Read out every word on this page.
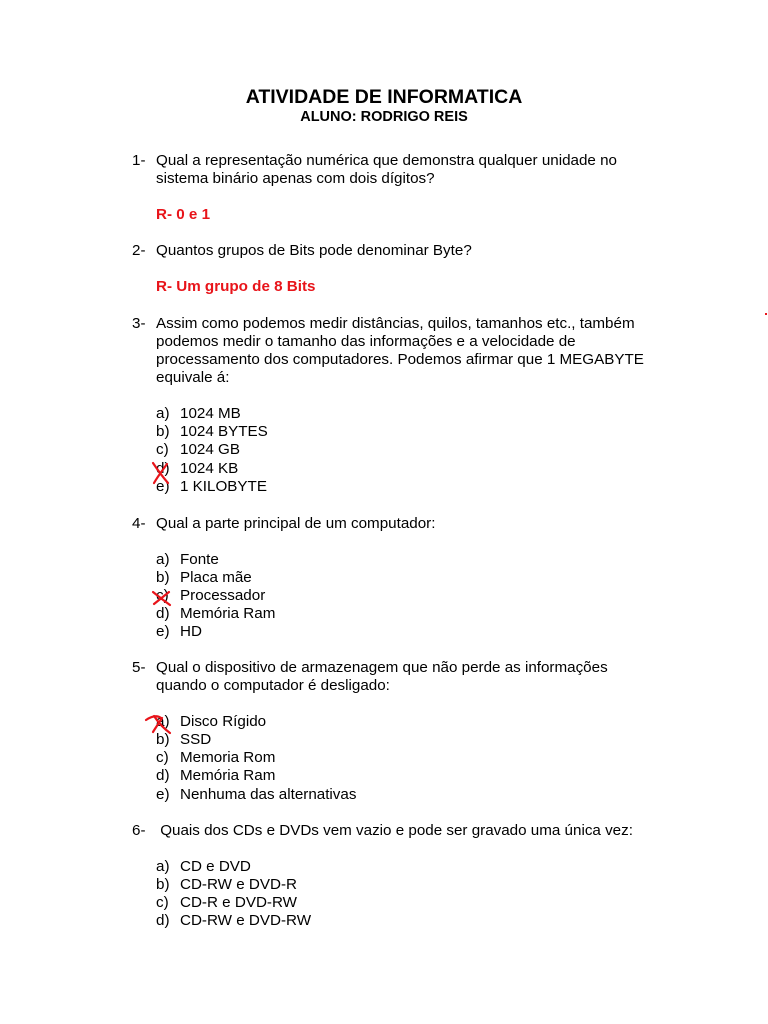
ATIVIDADE DE INFORMATICA
ALUNO: RODRIGO REIS
1- Qual a representação numérica que demonstra qualquer unidade no
sistema binário apenas com dois dígitos?
R- 0 e 1
2- Quantos grupos de Bits pode denominar Byte?
R- Um grupo de 8 Bits
3- Assim como podemos medir distâncias, quilos, tamanhos etc., também
podemos medir o tamanho das informações e a velocidade de
processamento dos computadores. Podemos afirmar que 1 MEGABYTE
equivale á:
a) 1024 MB
b) 1024 BYTES
c) 1024 GB
d) 1024 KB
e) 1 KILOBYTE
4- Qual a parte principal de um computador:
a) Fonte
b) Placa mãe
c) Processador
d) Memória Ram
e) HD
5- Qual o dispositivo de armazenagem que não perde as informações
quando o computador é desligado:
a) Disco Rígido
b) SSD
c) Memoria Rom
d) Memória Ram
e) Nenhuma das alternativas
6- Quais dos CDs e DVDs vem vazio e pode ser gravado uma única vez:
a) CD e DVD
b) CD-RW e DVD-R
c) CD-R e DVD-RW
d) CD-RW e DVD-RW
